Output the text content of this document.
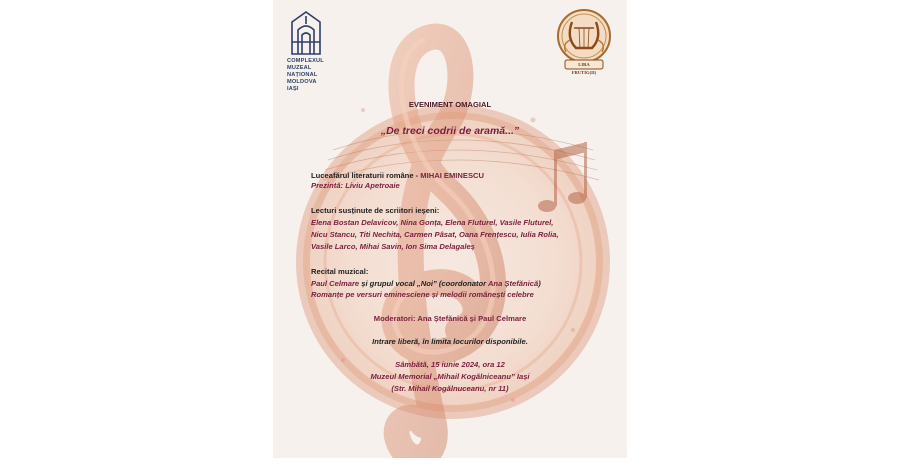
COMPLEXUL
MUZEAL
NAȚIONAL
MOLDOVA
IAȘI
LIRA FRUTIG(II)
EVENIMENT OMAGIAL
„De treci codrii de aramă...”
Luceafărul literaturii române - MIHAI EMINESCU
Prezintă: Liviu Apetroaie
Lecturi susținute de scriitori ieșeni:
Elena Bostan Delavicov, Nina Gonța, Elena Fluturel, Vasile Fluturel,
Nicu Stancu, Titi Nechita, Carmen Pâsat, Oana Frențescu, Iulia Rolia,
Vasile Larco, Mihai Savin, Ion Sima Delagaleș
Recital muzical:
Paul Celmare și grupul vocal „Noi” (coordonator Ana Ștefănică)
Romanțe pe versuri eminesciene și melodii românești celebre
Moderatori: Ana Ștefănică și Paul Celmare
Intrare liberă, în limita locurilor disponibile.
Sâmbătă, 15 iunie 2024, ora 12
Muzeul Memorial „Mihail Kogălniceanu” Iași
(Str. Mihail Kogălnuceanu, nr 11)
